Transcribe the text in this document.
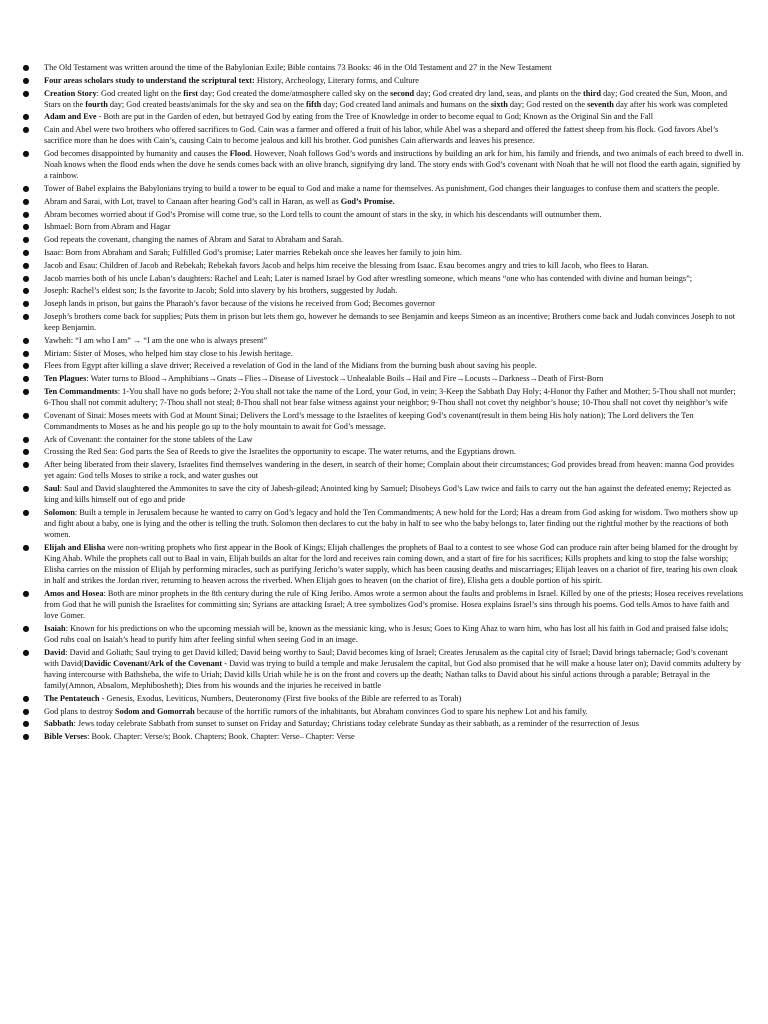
● The Old Testament was written around the time of the Babylonian Exile; Bible contains 73 Books: 46 in the Old Testament and 27 in the New Testament
● Four areas scholars study to understand the scriptural text: History, Archeology, Literary forms, and Culture
● Creation Story: God created light on the first day; God created the dome/atmosphere called sky on the second day; God created dry land, seas, and plants on the third day; God created the Sun, Moon, and Stars on the fourth day; God created beasts/animals for the sky and sea on the fifth day; God created land animals and humans on the sixth day; God rested on the seventh day after his work was completed
● Adam and Eve - Both are put in the Garden of eden, but betrayed God by eating from the Tree of Knowledge in order to become equal to God; Known as the Original Sin and the Fall
● Cain and Abel were two brothers who offered sacrifices to God. Cain was a farmer and offered a fruit of his labor, while Abel was a shepard and offered the fattest sheep from his flock. God favors Abel’s sacrifice more than he does with Cain’s, causing Cain to become jealous and kill his brother. God punishes Cain afterwards and leaves his presence.
● God becomes disappointed by humanity and causes the Flood. However, Noah follows God’s words and instructions by building an ark for him, his family and friends, and two animals of each breed to dwell in. Noah knows when the flood ends when the dove he sends comes back with an olive branch, signifying dry land. The story ends with God’s covenant with Noah that he will not flood the earth again, signified by a rainbow.
● Tower of Babel explains the Babylonians trying to build a tower to be equal to God and make a name for themselves. As punishment, God changes their languages to confuse them and scatters the people.
● Abram and Sarai, with Lot, travel to Canaan after hearing God’s call in Haran, as well as God’s Promise.
● Abram becomes worried about if God’s Promise will come true, so the Lord tells to count the amount of stars in the sky, in which his descendants will outnumber them.
● Ishmael: Born from Abram and Hagar
● God repeats the covenant, changing the names of Abram and Sarai to Abraham and Sarah.
● Isaac: Born from Abraham and Sarah; Fulfilled God’s promise; Later marries Rebekah once she leaves her family to join him.
● Jacob and Esau: Children of Jacob and Rebekah; Rebekah favors Jacob and helps him receive the blessing from Isaac. Esau becomes angry and tries to kill Jacob, who flees to Haran.
● Jacob marries both of his uncle Laban’s daughters: Rachel and Leah; Later is named Israel by God after wrestling someone, which means “one who has contended with divine and human beings”;
● Joseph: Rachel’s eldest son; Is the favorite to Jacob; Sold into slavery by his brothers, suggested by Judah.
● Joseph lands in prison, but gains the Pharaoh’s favor because of the visions he received from God; Becomes governor
● Joseph’s brothers come back for supplies; Puts them in prison but lets them go, however he demands to see Benjamin and keeps Simeon as an incentive; Brothers come back and Judah convinces Joseph to not keep Benjamin.
● Yawheh: “I am who I am” → “I am the one who is always present”
● Miriam: Sister of Moses, who helped him stay close to his Jewish heritage.
● Flees from Egypt after killing a slave driver; Received a revelation of God in the land of the Midians from the burning bush about saving his people.
● Ten Plagues: Water turns to Blood→Amphibians→Gnats→Flies→Disease of Livestock→Unhealable Boils→Hail and Fire→Locusts→Darkness→Death of First-Born
● Ten Commandments: 1-You shall have no gods before; 2-You shall not take the name of the Lord, your God, in vein; 3-Keep the Sabbath Day Holy; 4-Honor thy Father and Mother; 5-Thou shall not murder; 6-Thou shall not commit adultery; 7-Thou shall not steal; 8-Thou shall not bear false witness against your neighbor; 9-Thou shall not covet thy neighbor’s house; 10-Thou shall not covet thy neighbor’s wife
● Covenant of Sinai: Moses meets with God at Mount Sinai; Delivers the Lord’s message to the Israelites of keeping God’s covenant(result in them being His holy nation); The Lord delivers the Ten Commandments to Moses as he and his people go up to the holy mountain to await for God’s message.
● Ark of Covenant: the container for the stone tablets of the Law
● Crossing the Red Sea: God parts the Sea of Reeds to give the Israelites the opportunity to escape. The water returns, and the Egyptians drown.
● After being liberated from their slavery, Israelites find themselves wandering in the desert, in search of their home; Complain about their circumstances; God provides bread from heaven: manna God provides yet again: God tells Moses to strike a rock, and water gushes out
● Saul: Saul and David slaughtered the Ammonites to save the city of Jabesh-gilead; Anointed king by Samuel; Disobeys God’s Law twice and fails to carry out the ban against the defeated enemy; Rejected as king and kills himself out of ego and pride
● Solomon: Built a temple in Jerusalem because he wanted to carry on God’s legacy and hold the Ten Commandments; A new hold for the Lord; Has a dream from God asking for wisdom. Two mothers show up and fight about a baby, one is lying and the other is telling the truth. Solomon then declares to cut the baby in half to see who the baby belongs to, later finding out the rightful mother by the reactions of both women.
● Elijah and Elisha were non-writing prophets who first appear in the Book of Kings; Elijah challenges the prophets of Baal to a contest to see whose God can produce rain after being blamed for the drought by King Ahab. While the prophets call out to Baal in vain, Elijah builds an altar for the lord and receives rain coming down, and a start of fire for his sacrifices; Kills prophets and king to stop the false worship; Elisha carries on the mission of Elijah by performing miracles, such as purifying Jericho’s water supply, which has been causing deaths and miscarriages; Elijah leaves on a chariot of fire, tearing his own cloak in half and strikes the Jordan river, returning to heaven across the riverbed. When Elijah goes to heaven (on the chariot of fire), Elisha gets a double portion of his spirit.
● Amos and Hosea: Both are minor prophets in the 8th century during the rule of King Jeribo. Amos wrote a sermon about the faults and problems in Israel. Killed by one of the priests; Hosea receives revelations from God that he will punish the Israelites for committing sin; Syrians are attacking Israel; A tree symbolizes God’s promise. Hosea explains Israel’s sins through his poems. God tells Amos to have faith and love Gomer.
● Isaiah: Known for his predictions on who the upcoming messiah will be, known as the messianic king, who is Jesus; Goes to King Ahaz to warn him, who has lost all his faith in God and praised false idols; God rubs coal on Isaiah’s head to purify him after feeling sinful when seeing God in an image.
● David: David and Goliath; Saul trying to get David killed; David being worthy to Saul; David becomes king of Israel; Creates Jerusalem as the capital city of Israel; David brings tabernacle; God’s covenant with David(Davidic Covenant/Ark of the Covenant - David was trying to build a temple and make Jerusalem the capital, but God also promised that he will make a house later on); David commits adultery by having intercourse with Bathsheba, the wife to Uriah; David kills Uriah while he is on the front and covers up the death; Nathan talks to David about his sinful actions through a parable; Betrayal in the family(Amnon, Absalom, Mephibosheth); Dies from his wounds and the injuries he received in battle
● The Pentateuch - Genesis, Exodus, Leviticus, Numbers, Deuteronomy (First five books of the Bible are referred to as Torah)
● God plans to destroy Sodom and Gomorrah because of the horrific rumors of the inhabitants, but Abraham convinces God to spare his nephew Lot and his family.
● Sabbath: Jews today celebrate Sabbath from sunset to sunset on Friday and Saturday; Christians today celebrate Sunday as their sabbath, as a reminder of the resurrection of Jesus
● Bible Verses: Book. Chapter: Verse/s; Book. Chapters; Book. Chapter: Verse– Chapter: Verse
